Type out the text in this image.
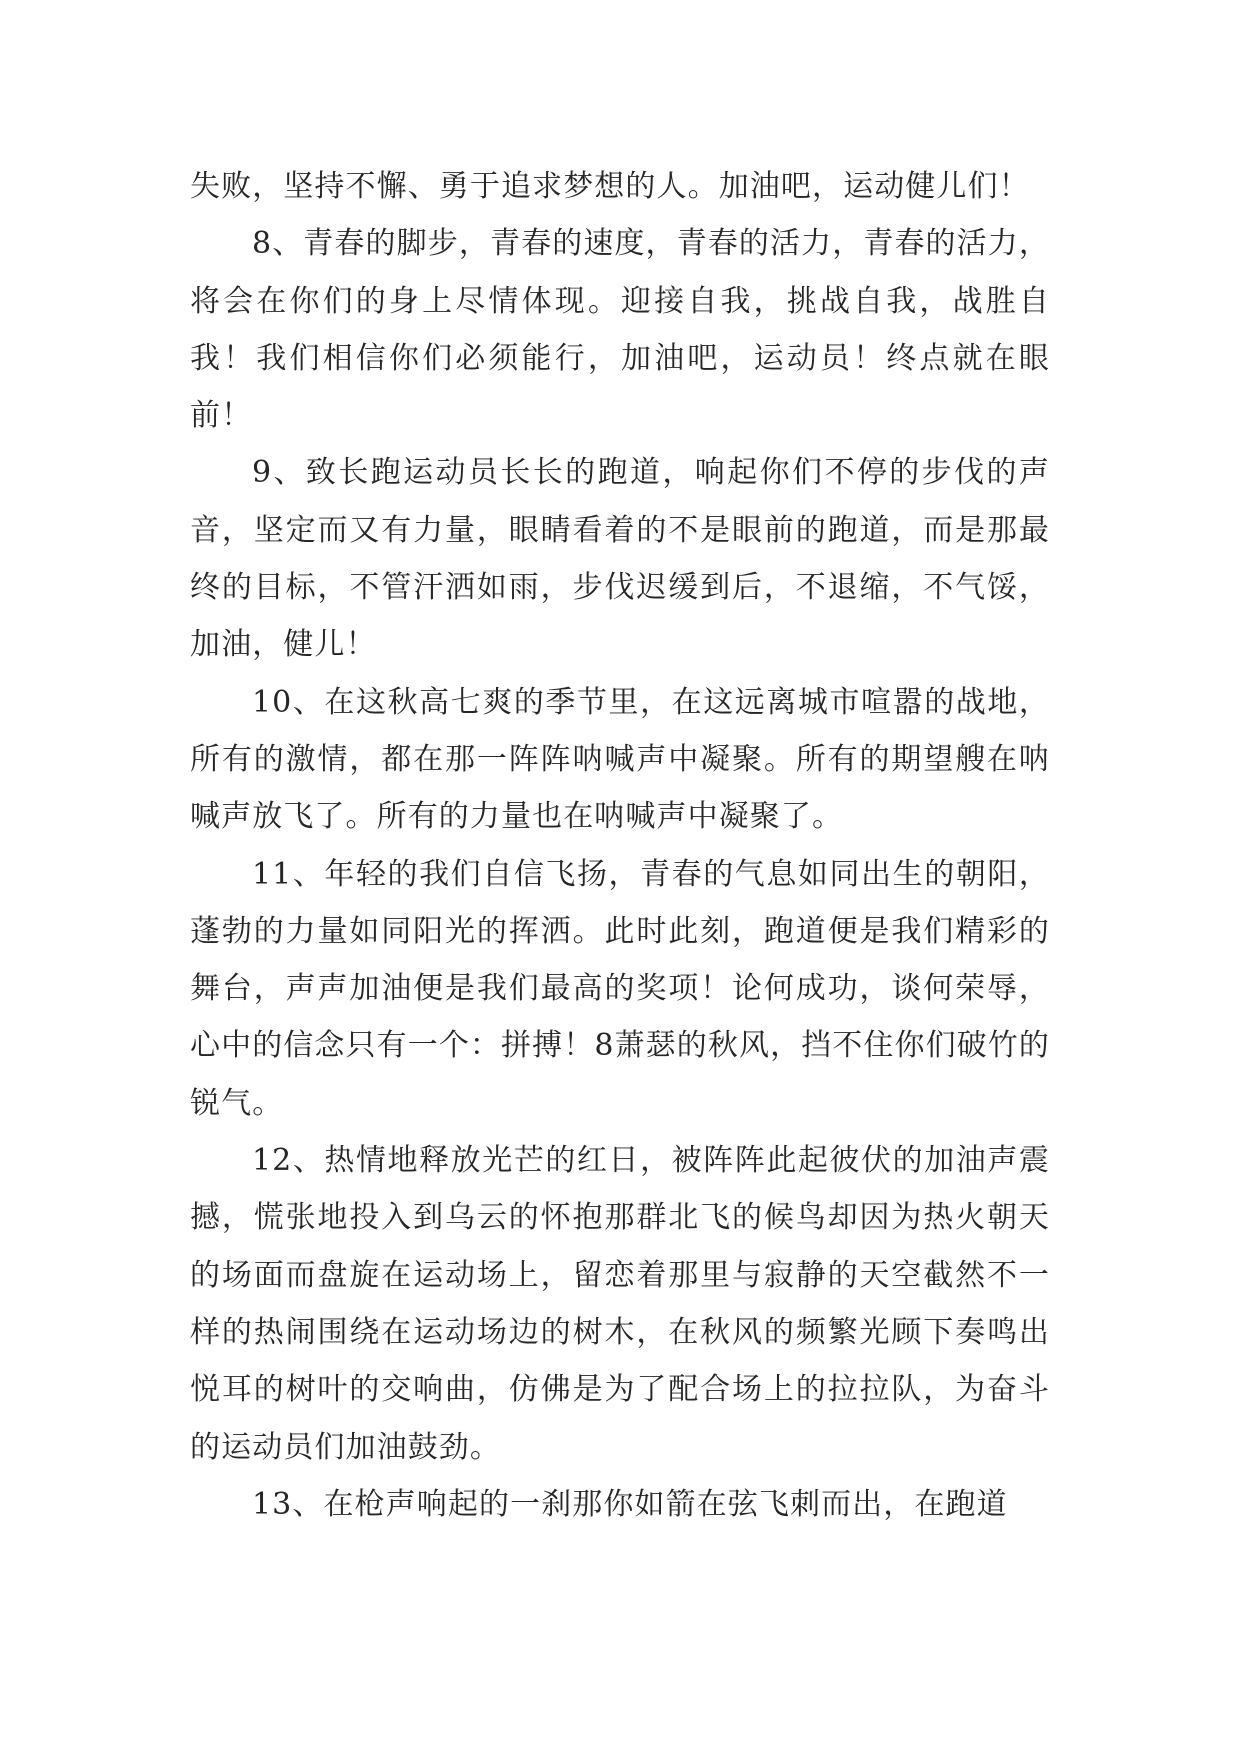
失败，坚持不懈、勇于追求梦想的人。加油吧，运动健儿们！

8、青春的脚步，青春的速度，青春的活力，青春的活力，将会在你们的身上尽情体现。迎接自我，挑战自我，战胜自我！我们相信你们必须能行，加油吧，运动员！终点就在眼前！

9、致长跑运动员长长的跑道，响起你们不停的步伐的声音，坚定而又有力量，眼睛看着的不是眼前的跑道，而是那最终的目标，不管汗洒如雨，步伐迟缓到后，不退缩，不气馁，加油，健儿！

10、在这秋高七爽的季节里，在这远离城市喧嚣的战地，所有的激情，都在那一阵阵呐喊声中凝聚。所有的期望艘在呐喊声放飞了。所有的力量也在呐喊声中凝聚了。

11、年轻的我们自信飞扬，青春的气息如同出生的朝阳，蓬勃的力量如同阳光的挥洒。此时此刻，跑道便是我们精彩的舞台，声声加油便是我们最高的奖项！论何成功，谈何荣辱，心中的信念只有一个：拼搏！8萧瑟的秋风，挡不住你们破竹的锐气。

12、热情地释放光芒的红日，被阵阵此起彼伏的加油声震撼，慌张地投入到乌云的怀抱那群北飞的候鸟却因为热火朝天的场面而盘旋在运动场上，留恋着那里与寂静的天空截然不一样的热闹围绕在运动场边的树木，在秋风的频繁光顾下奏鸣出悦耳的树叶的交响曲，仿佛是为了配合场上的拉拉队，为奋斗的运动员们加油鼓劲。

13、在枪声响起的一刹那你如箭在弦飞刺而出，在跑道
